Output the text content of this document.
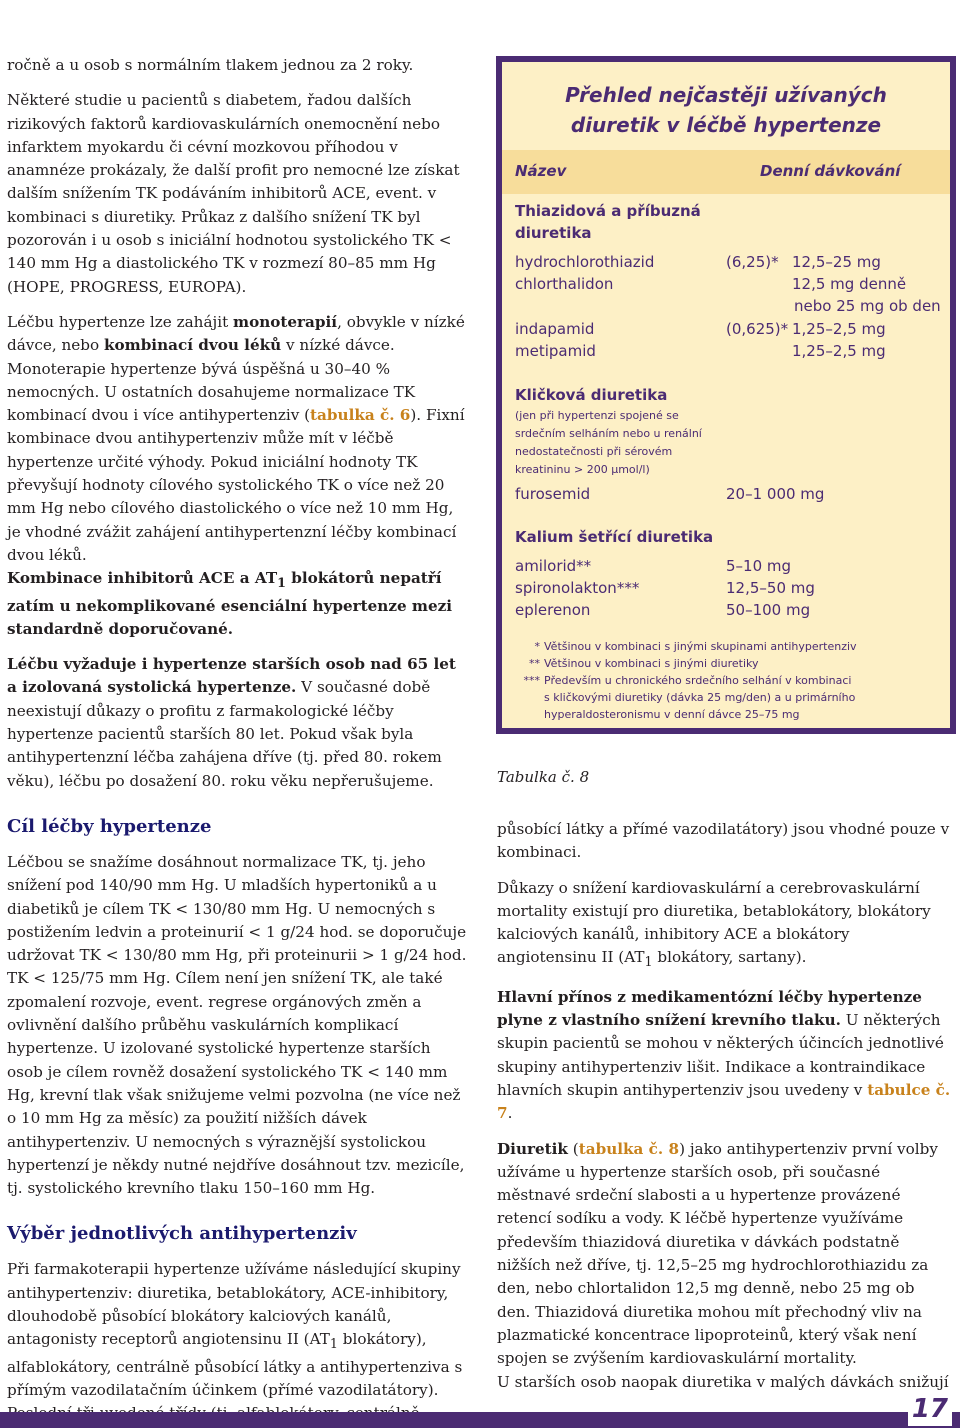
ročně a u osob s normálním tlakem jednou za 2 roky.

Některé studie u pacientů s diabetem, řadou dalších rizikových faktorů kardiovaskulárních onemocnění nebo infarktem myokardu či cévní mozkovou příhodou v anamnéze prokázaly, že další profit pro nemocné lze získat dalším snížením TK podáváním inhibitorů ACE, event. v kombinaci s diuretiky. Průkaz z dalšího snížení TK byl pozorován i u osob s iniciální hodnotou systolického TK < 140 mm Hg a diastolického TK v rozmezí 80–85 mm Hg (HOPE, PROGRESS, EUROPA).

Léčbu hypertenze lze zahájit monoterapií, obvykle v nízké dávce, nebo kombinací dvou léků v nízké dávce. Monoterapie hypertenze bývá úspěšná u 30–40 % nemocných. U ostatních dosahujeme normalizace TK kombinací dvou i více antihypertenziv (tabulka č. 6). Fixní kombinace dvou antihypertenziv může mít v léčbě hypertenze určité výhody. Pokud iniciální hodnoty TK převyšují hodnoty cílového systolického TK o více než 20 mm Hg nebo cílového diastolického o více než 10 mm Hg, je vhodné zvážit zahájení antihypertenzní léčby kombinací dvou léků.

Kombinace inhibitorů ACE a $AT_1$ blokátorů nepatří zatím u nekomplikované esenciální hypertenze mezi standardně doporučované.

Léčbu vyžaduje i hypertenze starších osob nad 65 let a izolovaná systolická hypertenze. V současné době neexistují důkazy o profitu z farmakologické léčby hypertenze pacientů starších 80 let. Pokud však byla antihypertenzní léčba zahájena dříve (tj. před 80. rokem věku), léčbu po dosažení 80. roku věku nepřerušujeme.

Cíl léčby hypertenze

Léčbou se snažíme dosáhnout normalizace TK, tj. jeho snížení pod 140/90 mm Hg. U mladších hypertoniků a u diabetiků je cílem TK < 130/80 mm Hg. U nemocných s postižením ledvin a proteinurií < 1 g/24 hod. se doporučuje udržovat TK < 130/80 mm Hg, při proteinurii > 1 g/24 hod. TK < 125/75 mm Hg. Cílem není jen snížení TK, ale také zpomalení rozvoje, event. regrese orgánových změn a ovlivnění dalšího průběhu vaskulárních komplikací hypertenze. U izolované systolické hypertenze starších osob je cílem rovněž dosažení systolického TK < 140 mm Hg, krevní tlak však snižujeme velmi pozvolna (ne více než o 10 mm Hg za měsíc) za použití nižších dávek antihypertenziv. U nemocných s výraznější systolickou hypertenzí je někdy nutné nejdříve dosáhnout tzv. mezicíle, tj. systolického krevního tlaku 150–160 mm Hg.

Výběr jednotlivých antihypertenziv

Při farmakoterapii hypertenze užíváme následující skupiny antihypertenziv: diuretika, betablokátory, ACE-inhibitory, dlouhodobě působící blokátory kalciových kanálů, antagonisty receptorů angiotensinu II ($AT_1$ blokátory), alfablokátory, centrálně působící látky a antihypertenziva s přímým vazodilatačním účinkem (přímé vazodilatátory).

Přehled nejčastěji užívaných
diuretik v léčbě hypertenze
Název	Denní dávkování
Thiazidová a příbuzná
diuretika
hydrochlorothiazid
chlorthalidon
indapamid
metipamid
(6,25)* 12,5–25 mg
12,5 mg denně
nebo 25 mg ob den
(0,625)* 1,25–2,5 mg
1,25–2,5 mg
Kličková diuretika
(jen při hypertenzi spojené se
srdečním selháním nebo u renální
nedostatečnosti při sérovém
kreatininu > 200 µmol/l)
furosemid	20–1 000 mg
Kalium šetřící diuretika
amilorid**
spironolakton***
eplerenon
5–10 mg
12,5–50 mg
50–100 mg
* Většinou v kombinaci s jinými skupinami antihypertenziv
** Většinou v kombinaci s jinými diuretiky
*** Především u chronického srdečního selhání v kombinaci
s kličkovými diuretiky (dávka 25 mg/den) a u primárního
hyperaldosteronismu v denní dávce 25–75 mg
Tabulka č. 8

působící látky a přímé vazodilatátory) jsou vhodné pouze v kombinaci.

Důkazy o snížení kardiovaskulární a cerebrovaskulární mortality existují pro diuretika, betablokátory, blokátory kalciových kanálů, inhibitory ACE a blokátory angiotensinu II ($AT_1$ blokátory, sartany).

Hlavní přínos z medikamentózní léčby hypertenze plyne z vlastního snížení krevního tlaku. U některých skupin pacientů se mohou v některých účincích jednotlivé skupiny antihypertenziv lišit. Indikace a kontraindikace hlavních skupin antihypertenziv jsou uvedeny v tabulce č. 7.

Diuretik (tabulka č. 8) jako antihypertenziv první volby užíváme u hypertenze starších osob, při současné městnavé srdeční slabosti a u hypertenze provázené retencí sodíku a vody. K léčbě hypertenze využíváme především thiazidová diuretika v dávkách podstatně nižších než dříve, tj. 12,5–25 mg hydrochlorothiazidu za den, nebo chlortalidon 12,5 mg denně, nebo 25 mg ob den. Thiazidová diuretika mohou mít přechodný vliv na plazmatické koncentrace lipoproteinů, který však není spojen se zvýšením kardiovaskulární mortality.

U starších osob naopak diuretika v malých dávkách snižují

17
